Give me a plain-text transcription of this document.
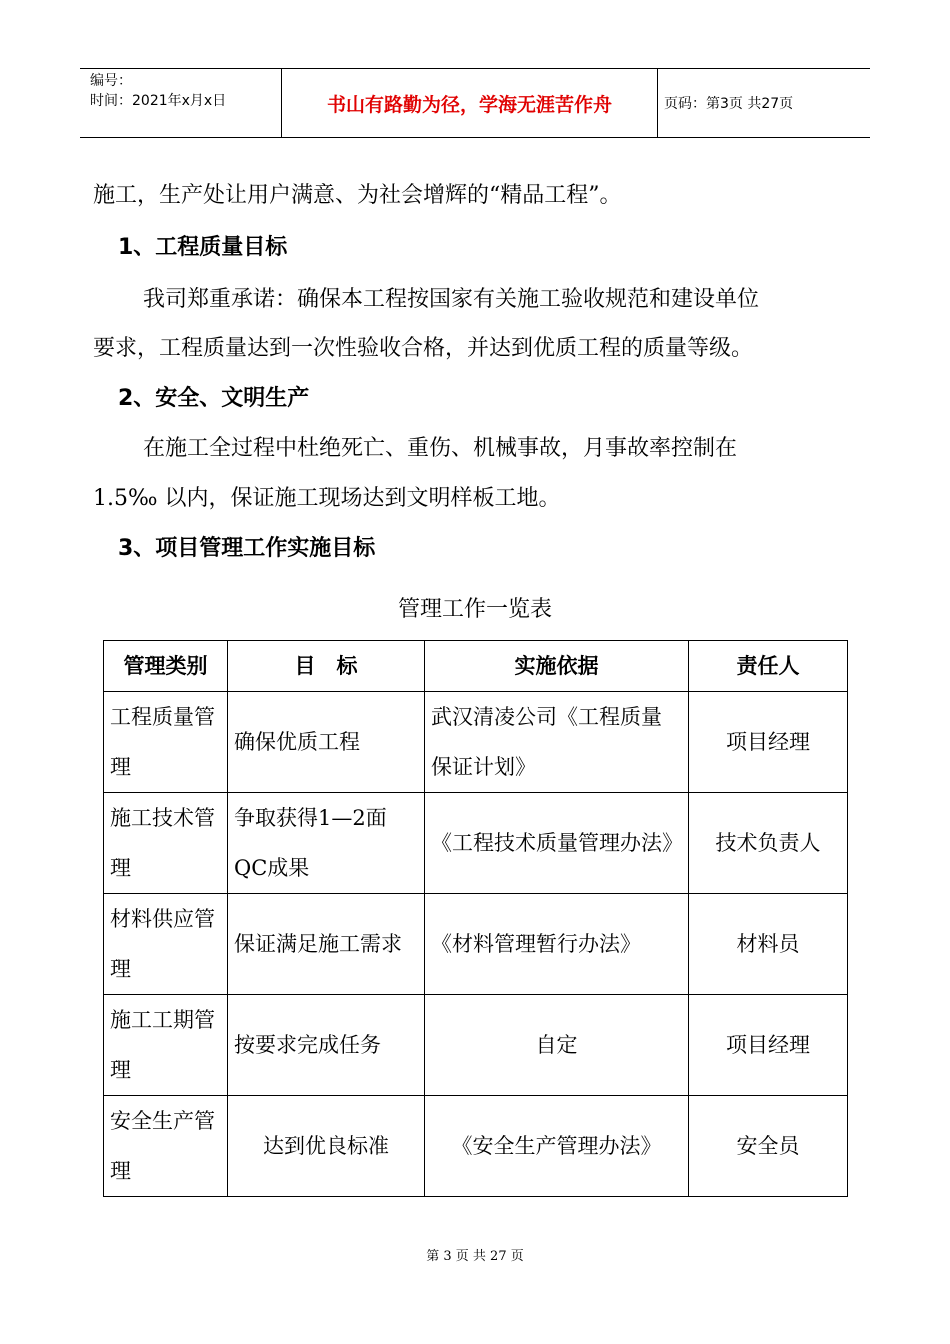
编号：
时间：2021年x月x日	书山有路勤为径，学海无涯苦作舟	页码：第3页 共27页
施工，生产处让用户满意、为社会增辉的“精品工程”。
1、工程质量目标
我司郑重承诺：确保本工程按国家有关施工验收规范和建设单位
要求，工程质量达到一次性验收合格，并达到优质工程的质量等级。
2、安全、文明生产
在施工全过程中杜绝死亡、重伤、机械事故，月事故率控制在
1.5‰ 以内，保证施工现场达到文明样板工地。
3、项目管理工作实施目标
管理工作一览表
管理类别	目　标	实施依据	责任人
工程质量管理	确保优质工程	武汉清凌公司《工程质量保证计划》	项目经理
施工技术管理	争取获得1—2面QC成果	《工程技术质量管理办法》	技术负责人
材料供应管理	保证满足施工需求	《材料管理暂行办法》	材料员
施工工期管理	按要求完成任务	自定	项目经理
安全生产管理	达到优良标准	《安全生产管理办法》	安全员
第 3 页 共 27 页
